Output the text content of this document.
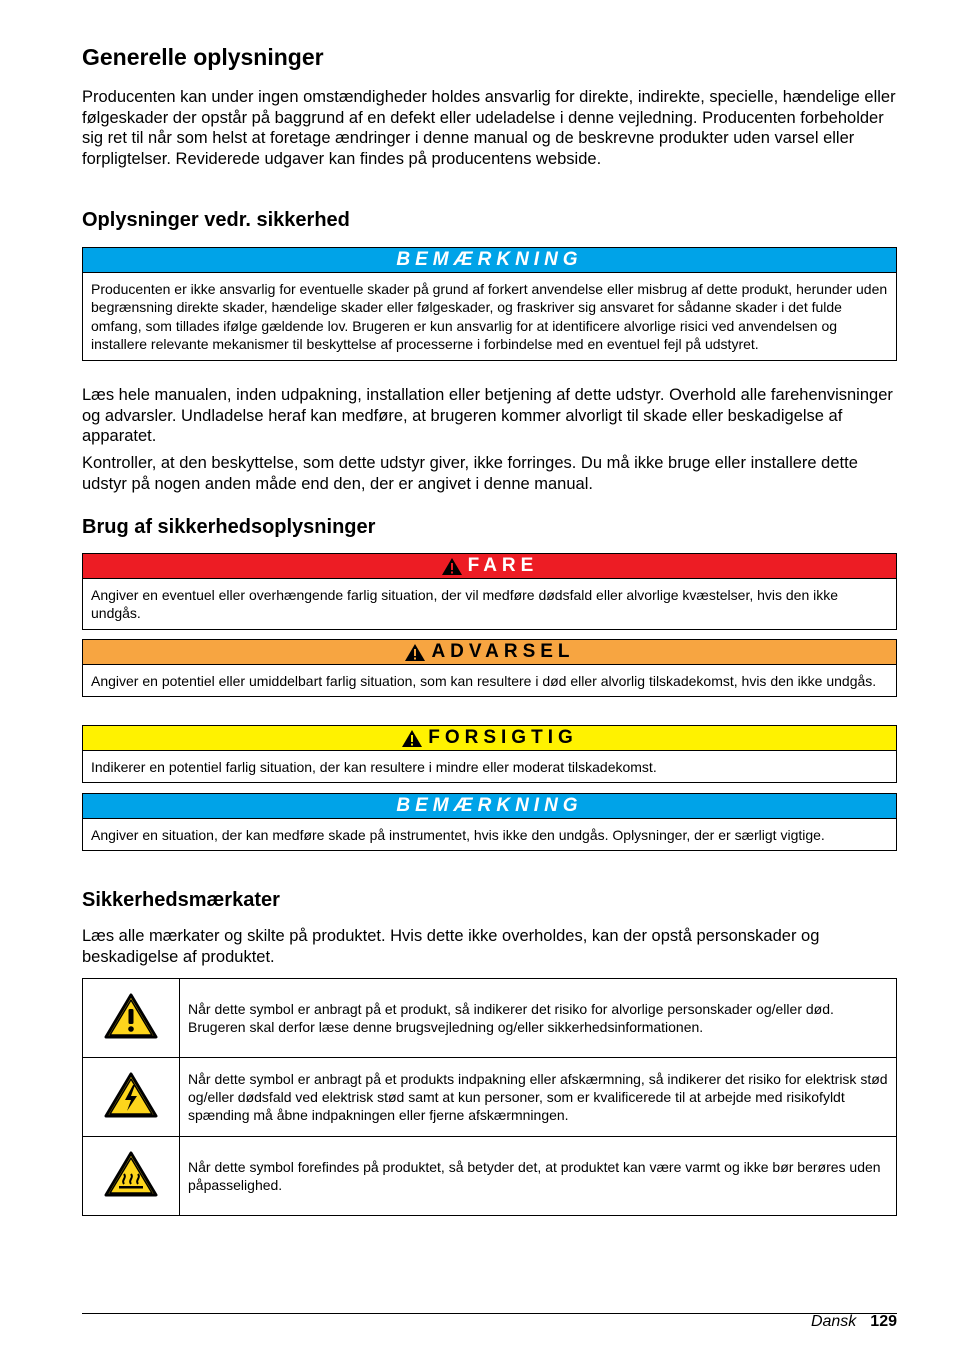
Generelle oplysninger

Producenten kan under ingen omstændigheder holdes ansvarlig for direkte, indirekte, specielle, hændelige eller følgeskader der opstår på baggrund af en defekt eller udeladelse i denne vejledning. Producenten forbeholder sig ret til når som helst at foretage ændringer i denne manual og de beskrevne produkter uden varsel eller forpligtelser. Reviderede udgaver kan findes på producentens webside.

Oplysninger vedr. sikkerhed
BEMÆRKNING
Producenten er ikke ansvarlig for eventuelle skader på grund af forkert anvendelse eller misbrug af dette produkt, herunder uden begrænsning direkte skader, hændelige skader eller følgeskader, og fraskriver sig ansvaret for sådanne skader i det fulde omfang, som tillades ifølge gældende lov. Brugeren er kun ansvarlig for at identificere alvorlige risici ved anvendelsen og installere relevante mekanismer til beskyttelse af processerne i forbindelse med en eventuel fejl på udstyret.

Læs hele manualen, inden udpakning, installation eller betjening af dette udstyr. Overhold alle farehenvisninger og advarsler. Undladelse heraf kan medføre, at brugeren kommer alvorligt til skade eller beskadigelse af apparatet.

Kontroller, at den beskyttelse, som dette udstyr giver, ikke forringes. Du må ikke bruge eller installere dette udstyr på nogen anden måde end den, der er angivet i denne manual.

Brug af sikkerhedsoplysninger
FARE
Angiver en eventuel eller overhængende farlig situation, der vil medføre dødsfald eller alvorlige kvæstelser, hvis den ikke undgås.
ADVARSEL
Angiver en potentiel eller umiddelbart farlig situation, som kan resultere i død eller alvorlig tilskadekomst, hvis den ikke undgås.
FORSIGTIG
Indikerer en potentiel farlig situation, der kan resultere i mindre eller moderat tilskadekomst.
BEMÆRKNING
Angiver en situation, der kan medføre skade på instrumentet, hvis ikke den undgås. Oplysninger, der er særligt vigtige.
Sikkerhedsmærkater

Læs alle mærkater og skilte på produktet. Hvis dette ikke overholdes, kan der opstå personskader og beskadigelse af produktet.

	Når dette symbol er anbragt på et produkt, så indikerer det risiko for alvorlige personskader og/eller død. Brugeren skal derfor læse denne brugsvejledning og/eller sikkerhedsinformationen.
	Når dette symbol er anbragt på et produkts indpakning eller afskærmning, så indikerer det risiko for elektrisk stød og/eller dødsfald ved elektrisk stød samt at kun personer, som er kvalificerede til at arbejde med risikofyldt spænding må åbne indpakningen eller fjerne afskærmningen.
	Når dette symbol forefindes på produktet, så betyder det, at produktet kan være varmt og ikke bør berøres uden påpasselighed.
Dansk 129
